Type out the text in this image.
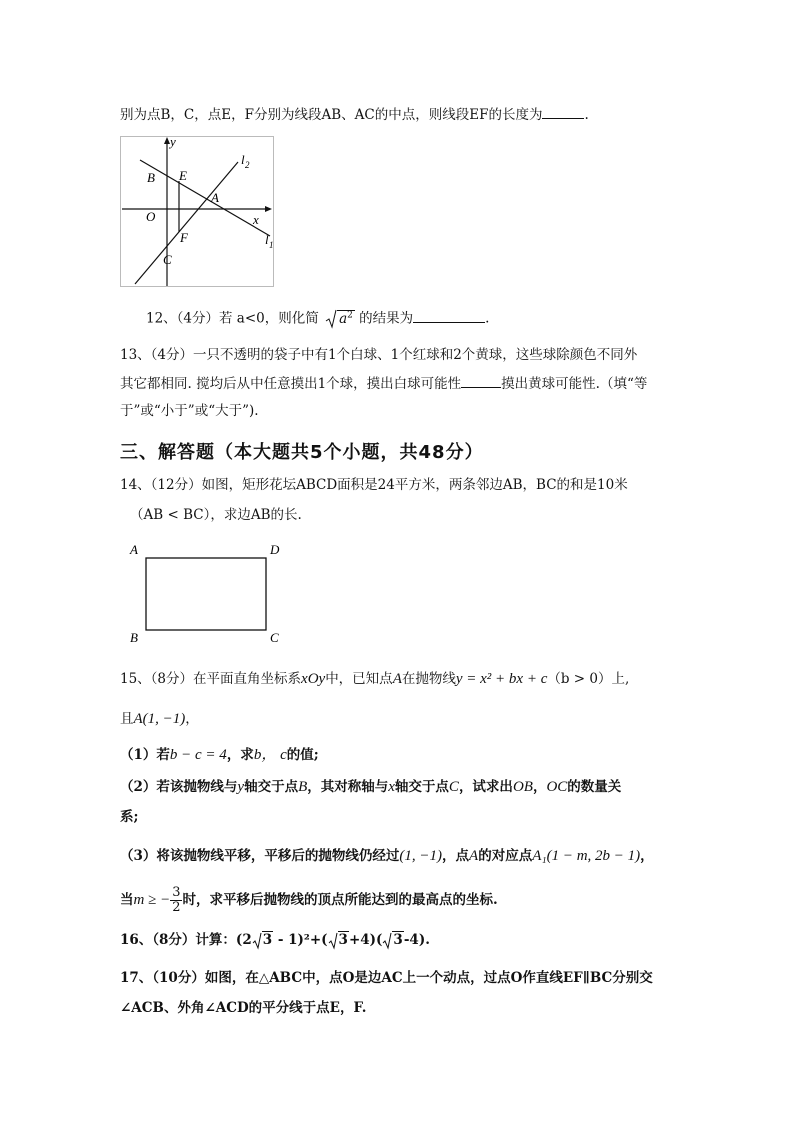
别为点B，C，点E，F分别为线段AB、AC的中点，则线段EF的长度为	.
y
x
O
B E
A
F
C
l 2
l 1
12、（4分）若 a<0，则化简 $a^2$ 的结果为	.
13、（4分）一只不透明的袋子中有1个白球、1个红球和2个黄球，这些球除颜色不同外
其它都相同. 搅均后从中任意摸出1个球，摸出白球可能性	摸出黄球可能性.（填“等
于”或“小于”或“大于”).
三、解答题（本大题共5个小题，共48分）
14、（12分）如图，矩形花坛ABCD面积是24平方米，两条邻边AB，BC的和是10米
（AB < BC），求边AB的长.
A	D
B	C
15、（8分）在平面直角坐标系xOy中，已知点A在抛物线y = x² + bx + c（b > 0）上,
且A(1, −1)，
（1）若b − c = 4，求b， c的值;
（2）若该抛物线与y轴交于点B，其对称轴与x轴交于点C，试求出OB，OC的数量关
系;
（3）将该抛物线平移，平移后的抛物线仍经过(1, −1)，点A的对应点A₁(1 − m, 2b − 1)，
当m ≥ − $\frac{3}{2}$ 时，求平移后抛物线的顶点所能达到的最高点的坐标.
16、（8分）计算：(2 3 - 1)²+( 3+4)( 3-4).
17、（10分）如图，在△ABC中，点O是边AC上一个动点，过点O作直线EF∥BC分别交
∠ACB、外角∠ACD的平分线于点E，F.
